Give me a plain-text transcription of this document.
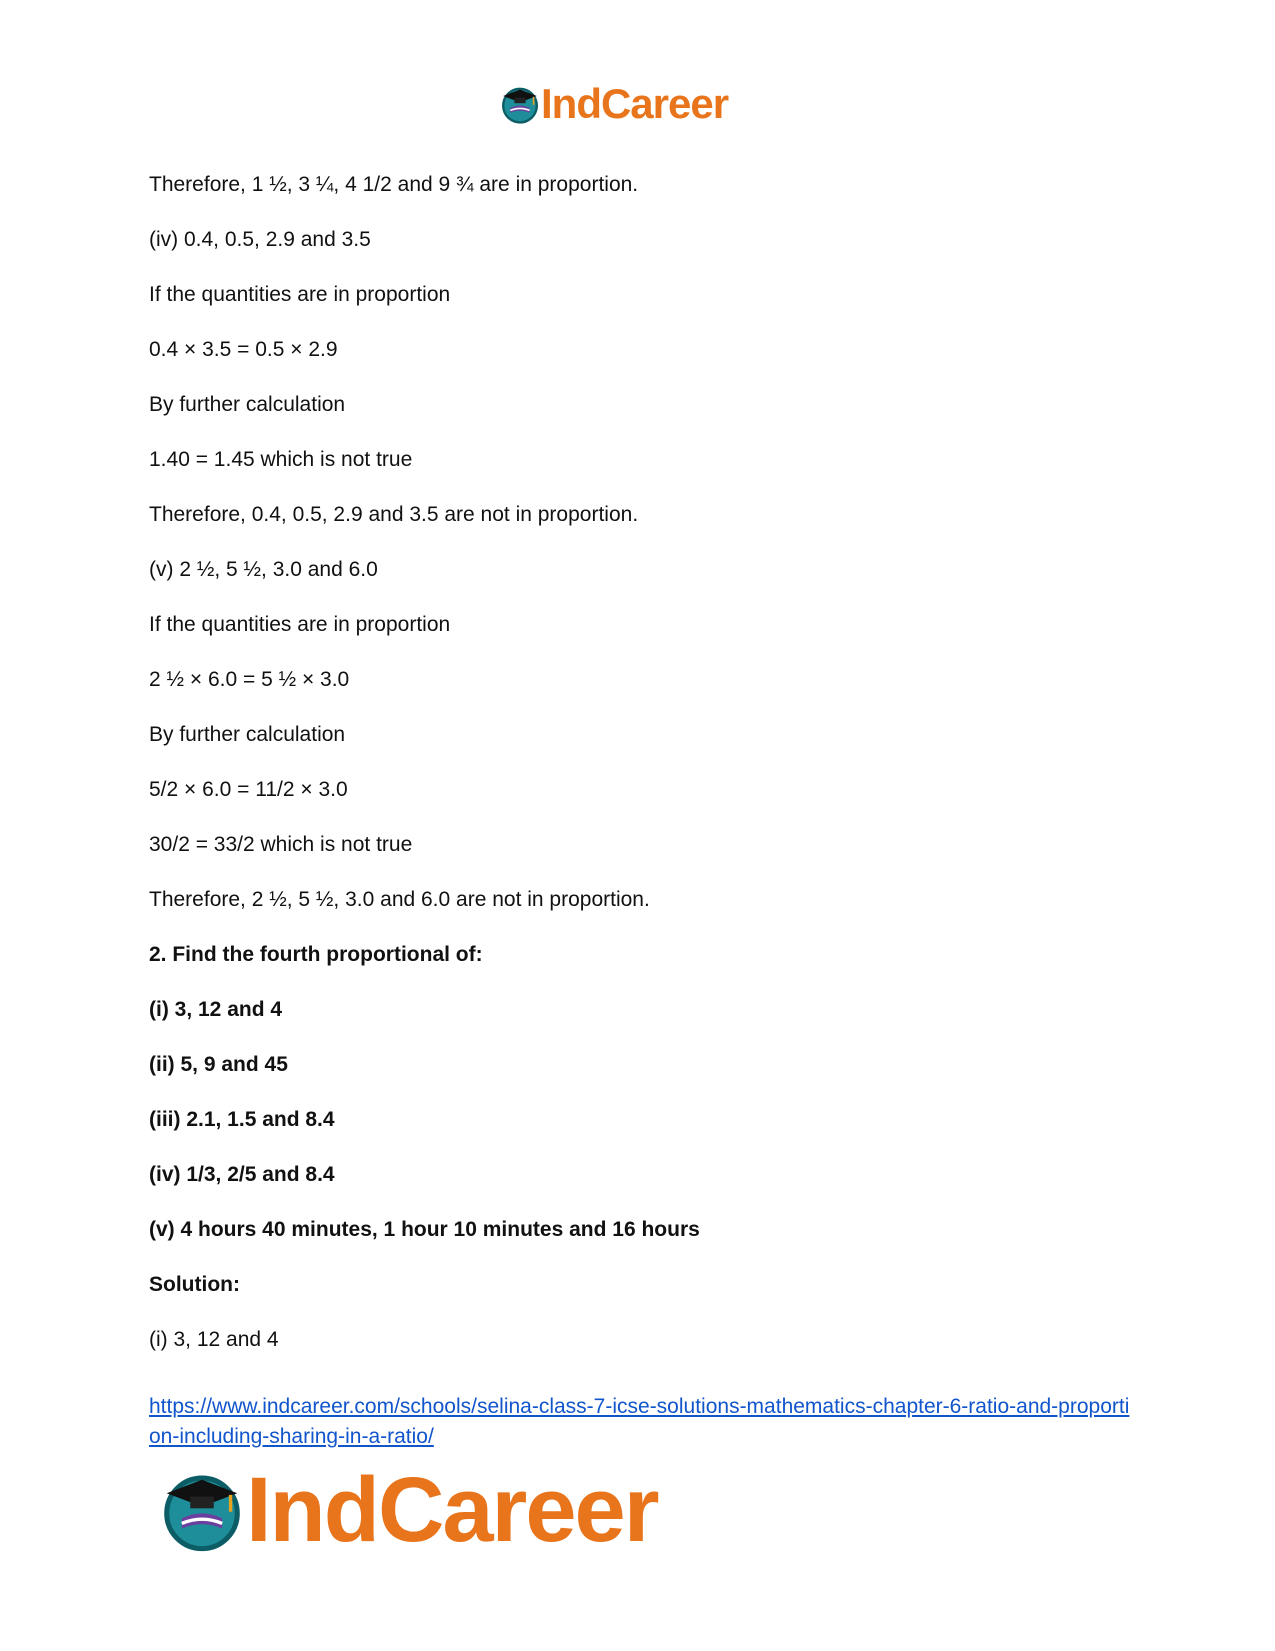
IndCareer
Therefore, 1 ½, 3 ¼, 4 1/2 and 9 ¾ are in proportion.
(iv) 0.4, 0.5, 2.9 and 3.5
If the quantities are in proportion
0.4 × 3.5 = 0.5 × 2.9
By further calculation
1.40 = 1.45 which is not true
Therefore, 0.4, 0.5, 2.9 and 3.5 are not in proportion.
(v) 2 ½, 5 ½, 3.0 and 6.0
If the quantities are in proportion
2 ½ × 6.0 = 5 ½ × 3.0
By further calculation
5/2 × 6.0 = 11/2 × 3.0
30/2 = 33/2 which is not true
Therefore, 2 ½, 5 ½, 3.0 and 6.0 are not in proportion.
2. Find the fourth proportional of:
(i) 3, 12 and 4
(ii) 5, 9 and 45
(iii) 2.1, 1.5 and 8.4
(iv) 1/3, 2/5 and 8.4
(v) 4 hours 40 minutes, 1 hour 10 minutes and 16 hours
Solution:
(i) 3, 12 and 4
https://www.indcareer.com/schools/selina-class-7-icse-solutions-mathematics-chapter-6-ratio-and-proportion-including-sharing-in-a-ratio/
IndCareer
